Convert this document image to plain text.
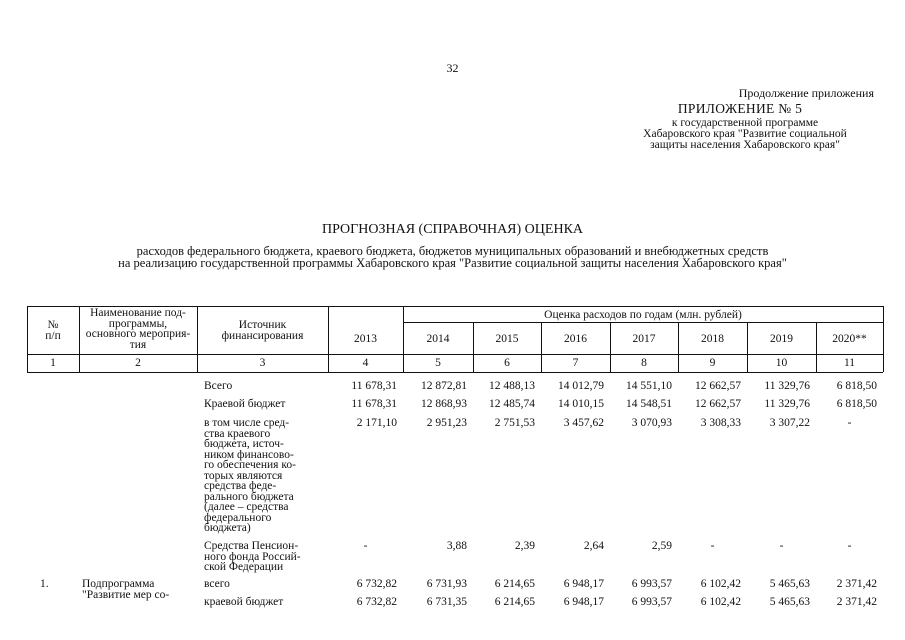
32
Продолжение приложения
ПРИЛОЖЕНИЕ № 5
к государственной программе
Хабаровского края "Развитие социальной
защиты населения Хабаровского края"
ПРОГНОЗНАЯ (СПРАВОЧНАЯ) ОЦЕНКА
расходов федерального бюджета, краевого бюджета, бюджетов муниципальных образований и внебюджетных средств
на реализацию государственной программы Хабаровского края "Развитие социальной защиты населения Хабаровского края"
№
п/п
Наименование под-
программы,
основного мероприя-
тия
Источник
финансирования
Оценка расходов по годам (млн. рублей)
2013	2014	2015	2016	2017	2018	2019	2020**
1	2	3	4	5	6	7	8	9	10	11
Всего	11 678,31	12 872,81	12 488,13	14 012,79	14 551,10	12 662,57	11 329,76	6 818,50
Краевой бюджет	11 678,31	12 868,93	12 485,74	14 010,15	14 548,51	12 662,57	11 329,76	6 818,50
в том числе сред-
ства краевого
бюджета, источ-
ником финансово-
го обеспечения ко-
торых являются
средства феде-
рального бюджета
(далее – средства
федерального
бюджета)
2 171,10	2 951,23	2 751,53	3 457,62	3 070,93	3 308,33	3 307,22	-
Средства Пенсион-
ного фонда Россий-
ской Федерации
-	3,88	2,39	2,64	2,59	-	-	-
1.	Подпрограмма
"Развитие мер со-
всего	6 732,82	6 731,93	6 214,65	6 948,17	6 993,57	6 102,42	5 465,63	2 371,42
краевой бюджет	6 732,82	6 731,35	6 214,65	6 948,17	6 993,57	6 102,42	5 465,63	2 371,42
